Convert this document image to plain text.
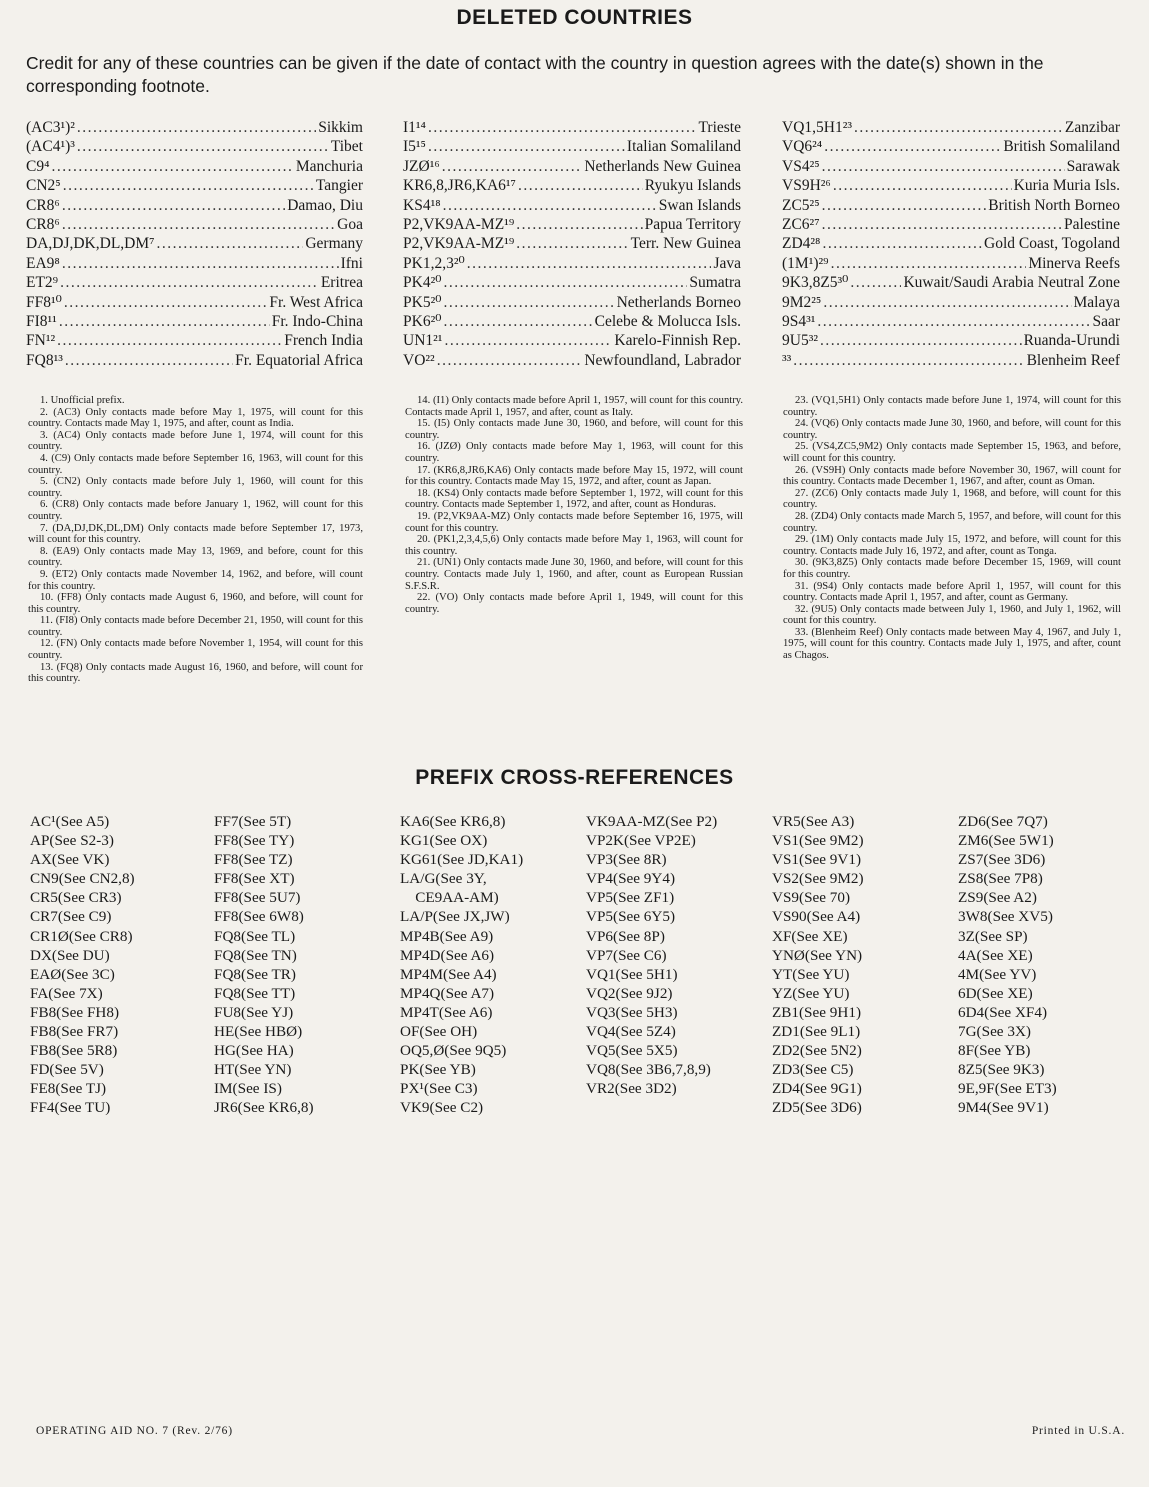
DELETED COUNTRIES
Credit for any of these countries can be given if the date of contact with the country in question agrees with the date(s) shown in the corresponding footnote.
(AC3¹)² .....	Sikkim
(AC4¹)³ .....	Tibet
C9⁴ .....	Manchuria
CN2⁵ .....	Tangier
CR8⁶ .....	Damao, Diu
CR8⁶ .....	Goa
DA,DJ,DK,DL,DM⁷ .....	Germany
EA9⁸ .....	Ifni
ET2⁹ .....	Eritrea
FF8¹⁰ .....	Fr. West Africa
FI8¹¹ .....	Fr. Indo-China
FN¹² .....	French India
FQ8¹³ .....	Fr. Equatorial Africa
I1¹⁴ .....	Trieste
I5¹⁵ .....	Italian Somaliland
JZØ¹⁶ .....	Netherlands New Guinea
KR6,8,JR6,KA6¹⁷ .....	Ryukyu Islands
KS4¹⁸ .....	Swan Islands
P2,VK9AA-MZ¹⁹ .....	Papua Territory
P2,VK9AA-MZ¹⁹ .....	Terr. New Guinea
PK1,2,3²⁰ .....	Java
PK4²⁰ .....	Sumatra
PK5²⁰ .....	Netherlands Borneo
PK6²⁰ .....	Celebe & Molucca Isls.
UN1²¹ .....	Karelo-Finnish Rep.
VO²² .....	Newfoundland, Labrador
VQ1,5H1²³ .....	Zanzibar
VQ6²⁴ .....	British Somaliland
VS4²⁵ .....	Sarawak
VS9H²⁶ .....	Kuria Muria Isls.
ZC5²⁵ .....	British North Borneo
ZC6²⁷ .....	Palestine
ZD4²⁸ .....	Gold Coast, Togoland
(1M¹)²⁹ .....	Minerva Reefs
9K3,8Z5³⁰ .....	Kuwait/Saudi Arabia Neutral Zone
9M2²⁵ .....	Malaya
9S4³¹ .....	Saar
9U5³² .....	Ruanda-Urundi
³³ .....	Blenheim Reef

1. Unofficial prefix.

2. (AC3) Only contacts made before May 1, 1975, will count for this country. Contacts made May 1, 1975, and after, count as India.

3. (AC4) Only contacts made before June 1, 1974, will count for this country.

4. (C9) Only contacts made before September 16, 1963, will count for this country.

5. (CN2) Only contacts made before July 1, 1960, will count for this country.

6. (CR8) Only contacts made before January 1, 1962, will count for this country.

7. (DA,DJ,DK,DL,DM) Only contacts made before September 17, 1973, will count for this country.

8. (EA9) Only contacts made May 13, 1969, and before, count for this country.

9. (ET2) Only contacts made November 14, 1962, and before, will count for this country.

10. (FF8) Only contacts made August 6, 1960, and before, will count for this country.

11. (FI8) Only contacts made before December 21, 1950, will count for this country.

12. (FN) Only contacts made before November 1, 1954, will count for this country.

13. (FQ8) Only contacts made August 16, 1960, and before, will count for this country.

14. (I1) Only contacts made before April 1, 1957, will count for this country. Contacts made April 1, 1957, and after, count as Italy.

15. (I5) Only contacts made June 30, 1960, and before, will count for this country.

16. (JZØ) Only contacts made before May 1, 1963, will count for this country.

17. (KR6,8,JR6,KA6) Only contacts made before May 15, 1972, will count for this country. Contacts made May 15, 1972, and after, count as Japan.

18. (KS4) Only contacts made before September 1, 1972, will count for this country. Contacts made September 1, 1972, and after, count as Honduras.

19. (P2,VK9AA-MZ) Only contacts made before September 16, 1975, will count for this country.

20. (PK1,2,3,4,5,6) Only contacts made before May 1, 1963, will count for this country.

21. (UN1) Only contacts made June 30, 1960, and before, will count for this country. Contacts made July 1, 1960, and after, count as European Russian S.F.S.R.

22. (VO) Only contacts made before April 1, 1949, will count for this country.

23. (VQ1,5H1) Only contacts made before June 1, 1974, will count for this country.

24. (VQ6) Only contacts made June 30, 1960, and before, will count for this country.

25. (VS4,ZC5,9M2) Only contacts made September 15, 1963, and before, will count for this country.

26. (VS9H) Only contacts made before November 30, 1967, will count for this country. Contacts made December 1, 1967, and after, count as Oman.

27. (ZC6) Only contacts made July 1, 1968, and before, will count for this country.

28. (ZD4) Only contacts made March 5, 1957, and before, will count for this country.

29. (1M) Only contacts made July 15, 1972, and before, will count for this country. Contacts made July 16, 1972, and after, count as Tonga.

30. (9K3,8Z5) Only contacts made before December 15, 1969, will count for this country.

31. (9S4) Only contacts made before April 1, 1957, will count for this country. Contacts made April 1, 1957, and after, count as Germany.

32. (9U5) Only contacts made between July 1, 1960, and July 1, 1962, will count for this country.

33. (Blenheim Reef) Only contacts made between May 4, 1967, and July 1, 1975, will count for this country. Contacts made July 1, 1975, and after, count as Chagos.

PREFIX CROSS-REFERENCES
AC¹(See A5)
AP(See S2-3)
AX(See VK)
CN9(See CN2,8)
CR5(See CR3)
CR7(See C9)
CR1Ø(See CR8)
DX(See DU)
EAØ(See 3C)
FA(See 7X)
FB8(See FH8)
FB8(See FR7)
FB8(See 5R8)
FD(See 5V)
FE8(See TJ)
FF4(See TU)
FF7(See 5T)
FF8(See TY)
FF8(See TZ)
FF8(See XT)
FF8(See 5U7)
FF8(See 6W8)
FQ8(See TL)
FQ8(See TN)
FQ8(See TR)
FQ8(See TT)
FU8(See YJ)
HE(See HBØ)
HG(See HA)
HT(See YN)
IM(See IS)
JR6(See KR6,8)
KA6(See KR6,8)
KG1(See OX)
KG61(See JD,KA1)
LA/G(See 3Y,
CE9AA-AM)
LA/P(See JX,JW)
MP4B(See A9)
MP4D(See A6)
MP4M(See A4)
MP4Q(See A7)
MP4T(See A6)
OF(See OH)
OQ5,Ø(See 9Q5)
PK(See YB)
PX¹(See C3)
VK9(See C2)
VK9AA-MZ(See P2)
VP2K(See VP2E)
VP3(See 8R)
VP4(See 9Y4)
VP5(See ZF1)
VP5(See 6Y5)
VP6(See 8P)
VP7(See C6)
VQ1(See 5H1)
VQ2(See 9J2)
VQ3(See 5H3)
VQ4(See 5Z4)
VQ5(See 5X5)
VQ8(See 3B6,7,8,9)
VR2(See 3D2)
VR5(See A3)
VS1(See 9M2)
VS1(See 9V1)
VS2(See 9M2)
VS9(See 70)
VS90(See A4)
XF(See XE)
YNØ(See YN)
YT(See YU)
YZ(See YU)
ZB1(See 9H1)
ZD1(See 9L1)
ZD2(See 5N2)
ZD3(See C5)
ZD4(See 9G1)
ZD5(See 3D6)
ZD6(See 7Q7)
ZM6(See 5W1)
ZS7(See 3D6)
ZS8(See 7P8)
ZS9(See A2)
3W8(See XV5)
3Z(See SP)
4A(See XE)
4M(See YV)
6D(See XE)
6D4(See XF4)
7G(See 3X)
8F(See YB)
8Z5(See 9K3)
9E,9F(See ET3)
9M4(See 9V1)
OPERATING AID NO. 7 (Rev. 2/76)	Printed in U.S.A.
